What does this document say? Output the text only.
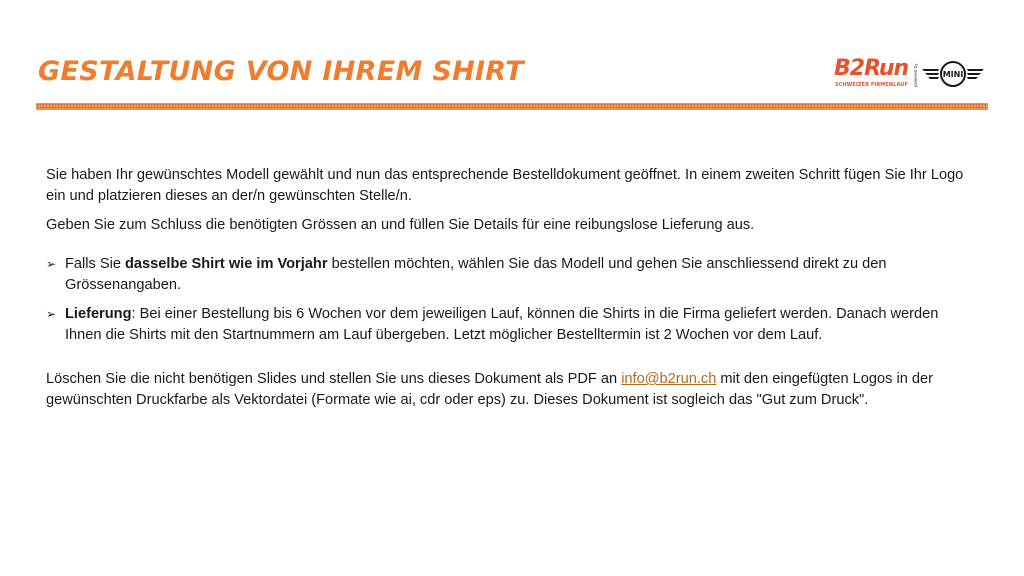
GESTALTUNG VON IHREM SHIRT	B2Run
SCHWEIZER FIRMENLAUF powered by	MINI

Sie haben Ihr gewünschtes Modell gewählt und nun das entsprechende Bestelldokument geöffnet. In einem zweiten Schritt fügen Sie Ihr Logo ein und platzieren dieses an der/n gewünschten Stelle/n.

Geben Sie zum Schluss die benötigten Grössen an und füllen Sie Details für eine reibungslose Lieferung aus.

➢ Falls Sie dasselbe Shirt wie im Vorjahr bestellen möchten, wählen Sie das Modell und gehen Sie anschliessend direkt zu den Grössenangaben.
➢ Lieferung: Bei einer Bestellung bis 6 Wochen vor dem jeweiligen Lauf, können die Shirts in die Firma geliefert werden. Danach werden Ihnen die Shirts mit den Startnummern am Lauf übergeben. Letzt möglicher Bestelltermin ist 2 Wochen vor dem Lauf.

Löschen Sie die nicht benötigen Slides und stellen Sie uns dieses Dokument als PDF an info@b2run.ch mit den eingefügten Logos in der gewünschten Druckfarbe als Vektordatei (Formate wie ai, cdr oder eps) zu. Dieses Dokument ist sogleich das "Gut zum Druck".
